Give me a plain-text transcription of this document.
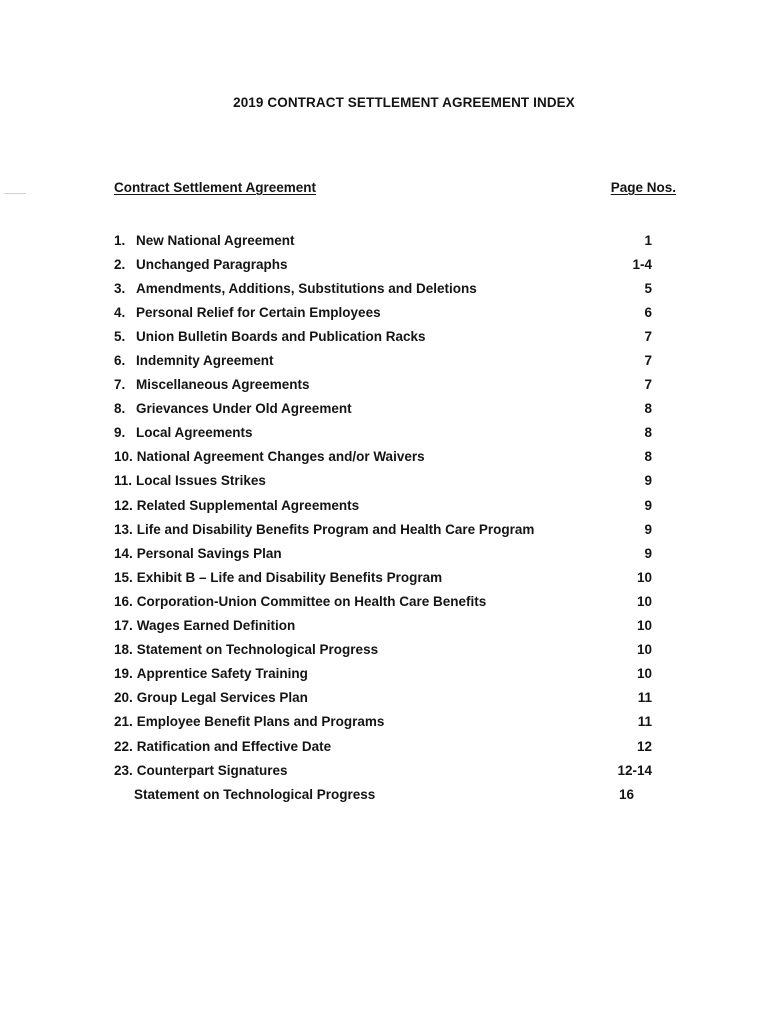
2019 CONTRACT SETTLEMENT AGREEMENT INDEX
Contract Settlement Agreement	Page Nos.
1. New National Agreement	1
2. Unchanged Paragraphs	1-4
3. Amendments, Additions, Substitutions and Deletions	5
4. Personal Relief for Certain Employees	6
5. Union Bulletin Boards and Publication Racks	7
6. Indemnity Agreement	7
7. Miscellaneous Agreements	7
8. Grievances Under Old Agreement	8
9. Local Agreements	8
10. National Agreement Changes and/or Waivers	8
11. Local Issues Strikes	9
12. Related Supplemental Agreements	9
13. Life and Disability Benefits Program and Health Care Program	9
14. Personal Savings Plan	9
15. Exhibit B – Life and Disability Benefits Program	10
16. Corporation-Union Committee on Health Care Benefits	10
17. Wages Earned Definition	10
18. Statement on Technological Progress	10
19. Apprentice Safety Training	10
20. Group Legal Services Plan	11
21. Employee Benefit Plans and Programs	11
22. Ratification and Effective Date	12
23. Counterpart Signatures	12-14
Statement on Technological Progress	16
